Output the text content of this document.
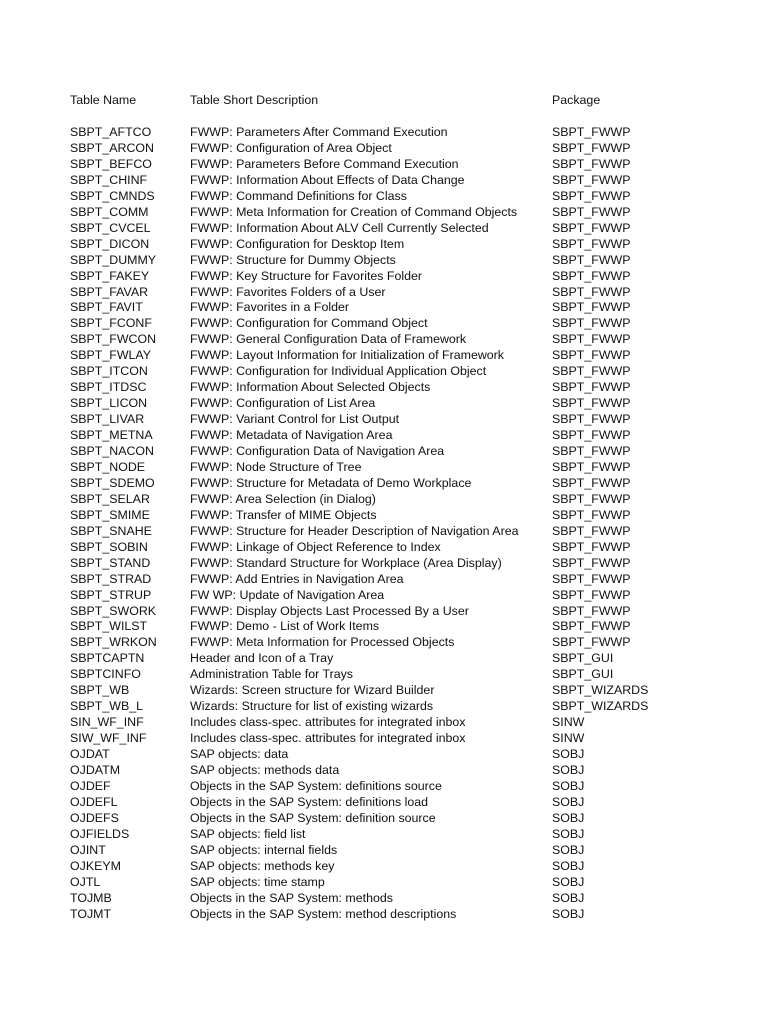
Table Name	Table Short Description	Package
SBPT_AFTCO	FWWP: Parameters After Command Execution	SBPT_FWWP
SBPT_ARCON	FWWP: Configuration of Area Object	SBPT_FWWP
SBPT_BEFCO	FWWP: Parameters Before Command Execution	SBPT_FWWP
SBPT_CHINF	FWWP: Information About Effects of Data Change	SBPT_FWWP
SBPT_CMNDS	FWWP: Command Definitions for Class	SBPT_FWWP
SBPT_COMM	FWWP: Meta Information for Creation of Command Objects	SBPT_FWWP
SBPT_CVCEL	FWWP: Information About ALV Cell Currently Selected	SBPT_FWWP
SBPT_DICON	FWWP: Configuration for Desktop Item	SBPT_FWWP
SBPT_DUMMY	FWWP: Structure for Dummy Objects	SBPT_FWWP
SBPT_FAKEY	FWWP: Key Structure for Favorites Folder	SBPT_FWWP
SBPT_FAVAR	FWWP: Favorites Folders of a User	SBPT_FWWP
SBPT_FAVIT	FWWP: Favorites in a Folder	SBPT_FWWP
SBPT_FCONF	FWWP: Configuration for Command Object	SBPT_FWWP
SBPT_FWCON	FWWP: General Configuration Data of Framework	SBPT_FWWP
SBPT_FWLAY	FWWP: Layout Information for Initialization of Framework	SBPT_FWWP
SBPT_ITCON	FWWP: Configuration for Individual Application Object	SBPT_FWWP
SBPT_ITDSC	FWWP: Information About Selected Objects	SBPT_FWWP
SBPT_LICON	FWWP: Configuration of List Area	SBPT_FWWP
SBPT_LIVAR	FWWP: Variant Control for List Output	SBPT_FWWP
SBPT_METNA	FWWP: Metadata of Navigation Area	SBPT_FWWP
SBPT_NACON	FWWP: Configuration Data of Navigation Area	SBPT_FWWP
SBPT_NODE	FWWP: Node Structure of Tree	SBPT_FWWP
SBPT_SDEMO	FWWP: Structure for Metadata of Demo Workplace	SBPT_FWWP
SBPT_SELAR	FWWP: Area Selection (in Dialog)	SBPT_FWWP
SBPT_SMIME	FWWP: Transfer of MIME Objects	SBPT_FWWP
SBPT_SNAHE	FWWP: Structure for Header Description of Navigation Area	SBPT_FWWP
SBPT_SOBIN	FWWP: Linkage of Object Reference to Index	SBPT_FWWP
SBPT_STAND	FWWP: Standard Structure for Workplace (Area Display)	SBPT_FWWP
SBPT_STRAD	FWWP: Add Entries in Navigation Area	SBPT_FWWP
SBPT_STRUP	FW WP: Update of Navigation Area	SBPT_FWWP
SBPT_SWORK	FWWP: Display Objects Last Processed By a User	SBPT_FWWP
SBPT_WILST	FWWP: Demo - List of Work Items	SBPT_FWWP
SBPT_WRKON	FWWP: Meta Information for Processed Objects	SBPT_FWWP
SBPTCAPTN	Header and Icon of a Tray	SBPT_GUI
SBPTCINFO	Administration Table for Trays	SBPT_GUI
SBPT_WB	Wizards: Screen structure for Wizard Builder	SBPT_WIZARDS
SBPT_WB_L	Wizards: Structure for list of existing wizards	SBPT_WIZARDS
SIN_WF_INF	Includes class-spec. attributes for integrated inbox	SINW
SIW_WF_INF	Includes class-spec. attributes for integrated inbox	SINW
OJDAT	SAP objects: data	SOBJ
OJDATM	SAP objects: methods data	SOBJ
OJDEF	Objects in the SAP System: definitions source	SOBJ
OJDEFL	Objects in the SAP System: definitions load	SOBJ
OJDEFS	Objects in the SAP System: definition source	SOBJ
OJFIELDS	SAP objects: field list	SOBJ
OJINT	SAP objects: internal fields	SOBJ
OJKEYM	SAP objects: methods key	SOBJ
OJTL	SAP objects: time stamp	SOBJ
TOJMB	Objects in the SAP System: methods	SOBJ
TOJMT	Objects in the SAP System: method descriptions	SOBJ
